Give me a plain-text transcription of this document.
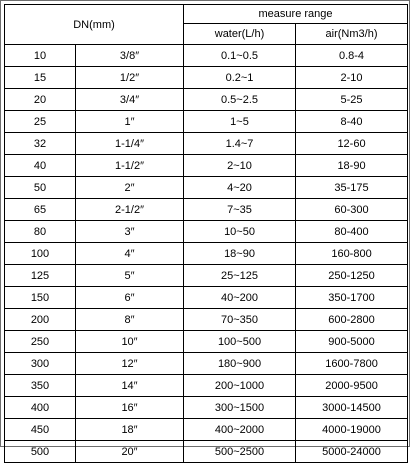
DN(mm)		measure range	
		water(L/h)	air(Nm3/h)
10	3/8″	0.1~0.5	0.8-4
15	1/2″	0.2~1	2-10
20	3/4″	0.5~2.5	5-25
25	1″	1~5	8-40
32	1-1/4″	1.4~7	12-60
40	1-1/2″	2~10	18-90
50	2″	4~20	35-175
65	2-1/2″	7~35	60-300
80	3″	10~50	80-400
100	4″	18~90	160-800
125	5″	25~125	250-1250
150	6″	40~200	350-1700
200	8″	70~350	600-2800
250	10″	100~500	900-5000
300	12″	180~900	1600-7800
350	14″	200~1000	2000-9500
400	16″	300~1500	3000-14500
450	18″	400~2000	4000-19000
500	20″	500~2500	5000-24000
